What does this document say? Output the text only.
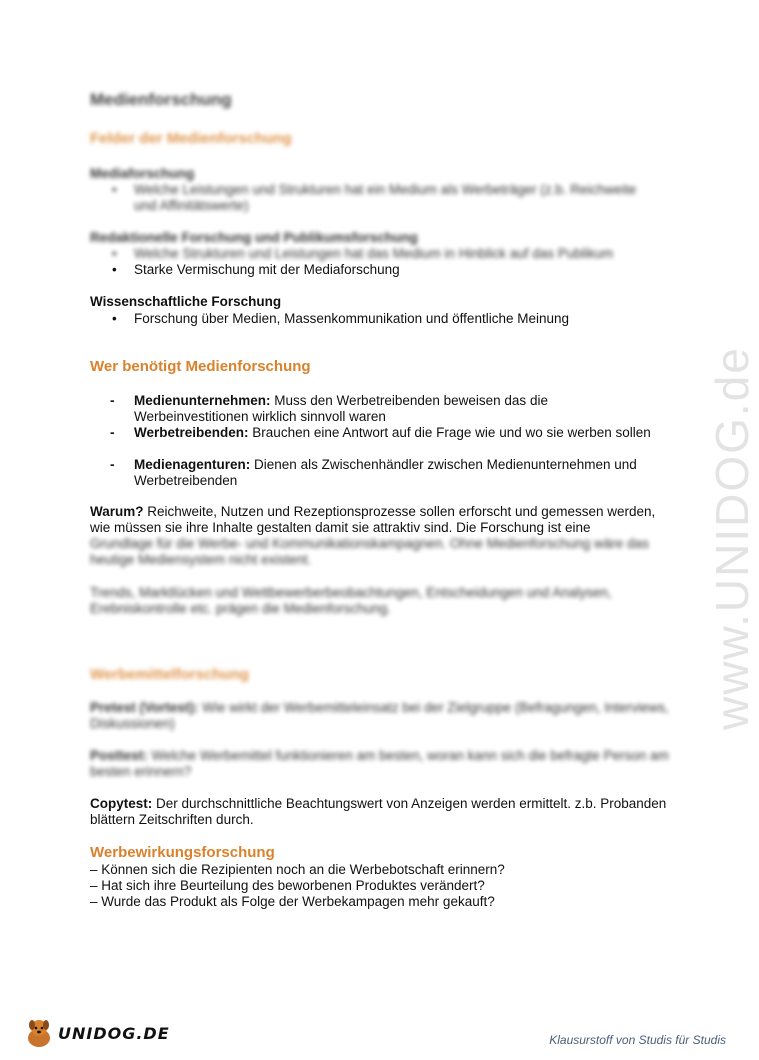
www.UNIDOG.de
Medienforschung
Felder der Medienforschung
Mediaforschung
• Welche Leistungen und Strukturen hat ein Medium als Werbeträger (z.b. Reichweite und Affinitätswerte)
Redaktionelle Forschung und Publikumsforschung
• Welche Strukturen und Leistungen hat das Medium in Hinblick auf das Publikum
• Starke Vermischung mit der Mediaforschung
Wissenschaftliche Forschung
• Forschung über Medien, Massenkommunikation und öffentliche Meinung
Wer benötigt Medienforschung
- Medienunternehmen: Muss den Werbetreibenden beweisen das die Werbeinvestitionen wirklich sinnvoll waren
- Werbetreibenden: Brauchen eine Antwort auf die Frage wie und wo sie werben sollen
- Medienagenturen: Dienen als Zwischenhändler zwischen Medienunternehmen und Werbetreibenden
Warum? Reichweite, Nutzen und Rezeptionsprozesse sollen erforscht und gemessen werden, wie müssen sie ihre Inhalte gestalten damit sie attraktiv sind. Die Forschung ist eine
Grundlage für die Werbe- und Kommunikationskampagnen. Ohne Medienforschung wäre das heutige Mediensystem nicht existent.
Trends, Marktlücken und Wettbewerberbeobachtungen, Entscheidungen und Analysen, Erebniskontrolle etc. prägen die Medienforschung.
Werbemittelforschung
Pretest (Vortest): Wie wirkt der Werbemitteleinsatz bei der Zielgruppe (Befragungen, Interviews, Diskussionen)
Posttest: Welche Werbemittel funktionieren am besten, woran kann sich die befragte Person am besten erinnern?
Copytest: Der durchschnittliche Beachtungswert von Anzeigen werden ermittelt. z.b. Probanden blättern Zeitschriften durch.
Werbewirkungsforschung
– Können sich die Rezipienten noch an die Werbebotschaft erinnern?
– Hat sich ihre Beurteilung des beworbenen Produktes verändert?
– Wurde das Produkt als Folge der Werbekampagen mehr gekauft?
UNIDOG.DE	Klausurstoff von Studis für Studis
